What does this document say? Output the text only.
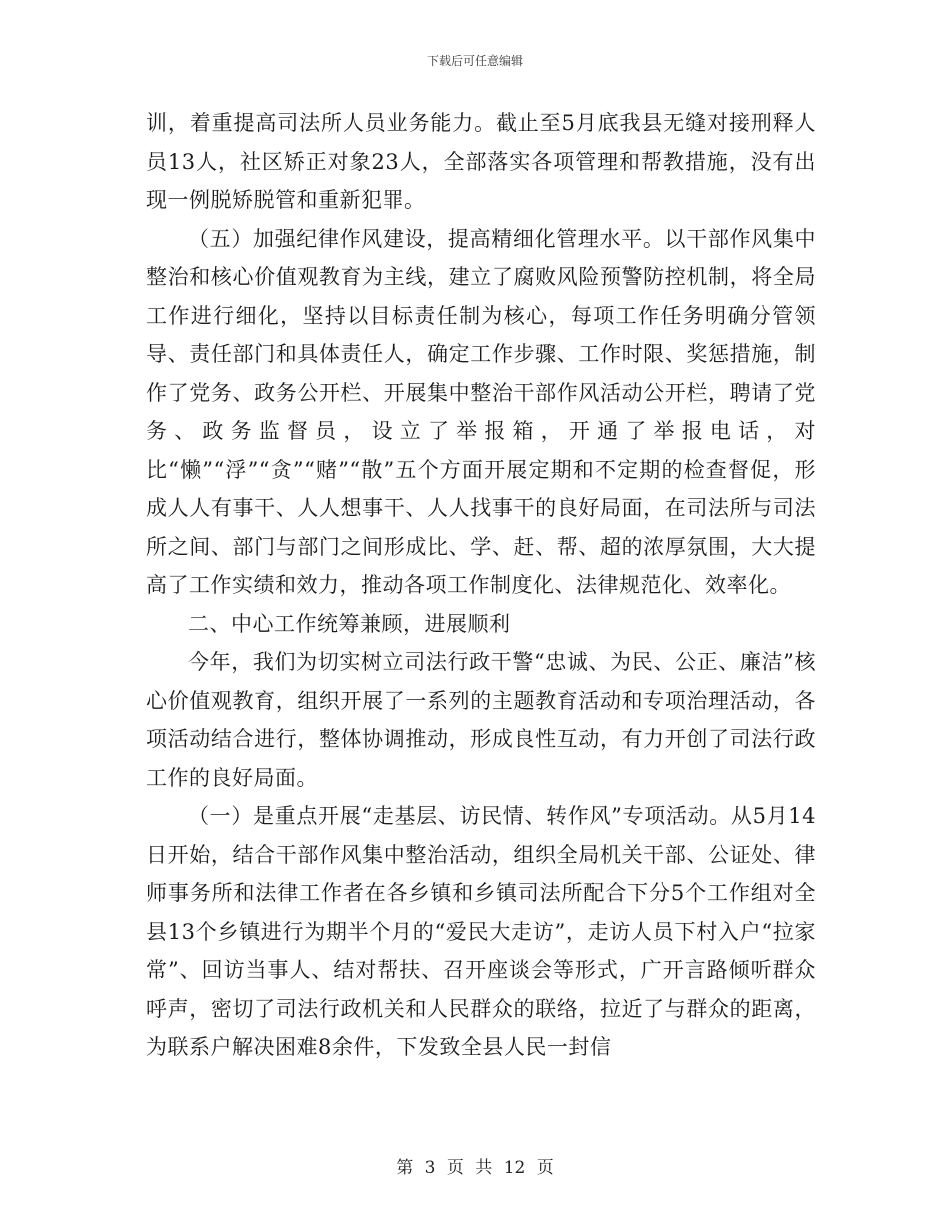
下载后可任意编辑

训，着重提高司法所人员业务能力。截止至5月底我县无缝对接刑释人员13人，社区矫正对象23人，全部落实各项管理和帮教措施，没有出现一例脱矫脱管和重新犯罪。

（五）加强纪律作风建设，提高精细化管理水平。以干部作风集中整治和核心价值观教育为主线，建立了腐败风险预警防控机制，将全局工作进行细化，坚持以目标责任制为核心，每项工作任务明确分管领导、责任部门和具体责任人，确定工作步骤、工作时限、奖惩措施，制作了党务、政务公开栏、开展集中整治干部作风活动公开栏，聘请了党务、政务监督员，设立了举报箱，开通了举报电话，对比“懒”“浮”“贪”“赌”“散”五个方面开展定期和不定期的检查督促，形成人人有事干、人人想事干、人人找事干的良好局面，在司法所与司法所之间、部门与部门之间形成比、学、赶、帮、超的浓厚氛围，大大提高了工作实绩和效力，推动各项工作制度化、法律规范化、效率化。

二、中心工作统筹兼顾，进展顺利

今年，我们为切实树立司法行政干警“忠诚、为民、公正、廉洁”核心价值观教育，组织开展了一系列的主题教育活动和专项治理活动，各项活动结合进行，整体协调推动，形成良性互动，有力开创了司法行政工作的良好局面。

（一）是重点开展“走基层、访民情、转作风”专项活动。从5月14日开始，结合干部作风集中整治活动，组织全局机关干部、公证处、律师事务所和法律工作者在各乡镇和乡镇司法所配合下分5个工作组对全县13个乡镇进行为期半个月的“爱民大走访”，走访人员下村入户“拉家常”、回访当事人、结对帮扶、召开座谈会等形式，广开言路倾听群众呼声，密切了司法行政机关和人民群众的联络，拉近了与群众的距离，为联系户解决困难8余件，下发致全县人民一封信

第 3 页 共 12 页
